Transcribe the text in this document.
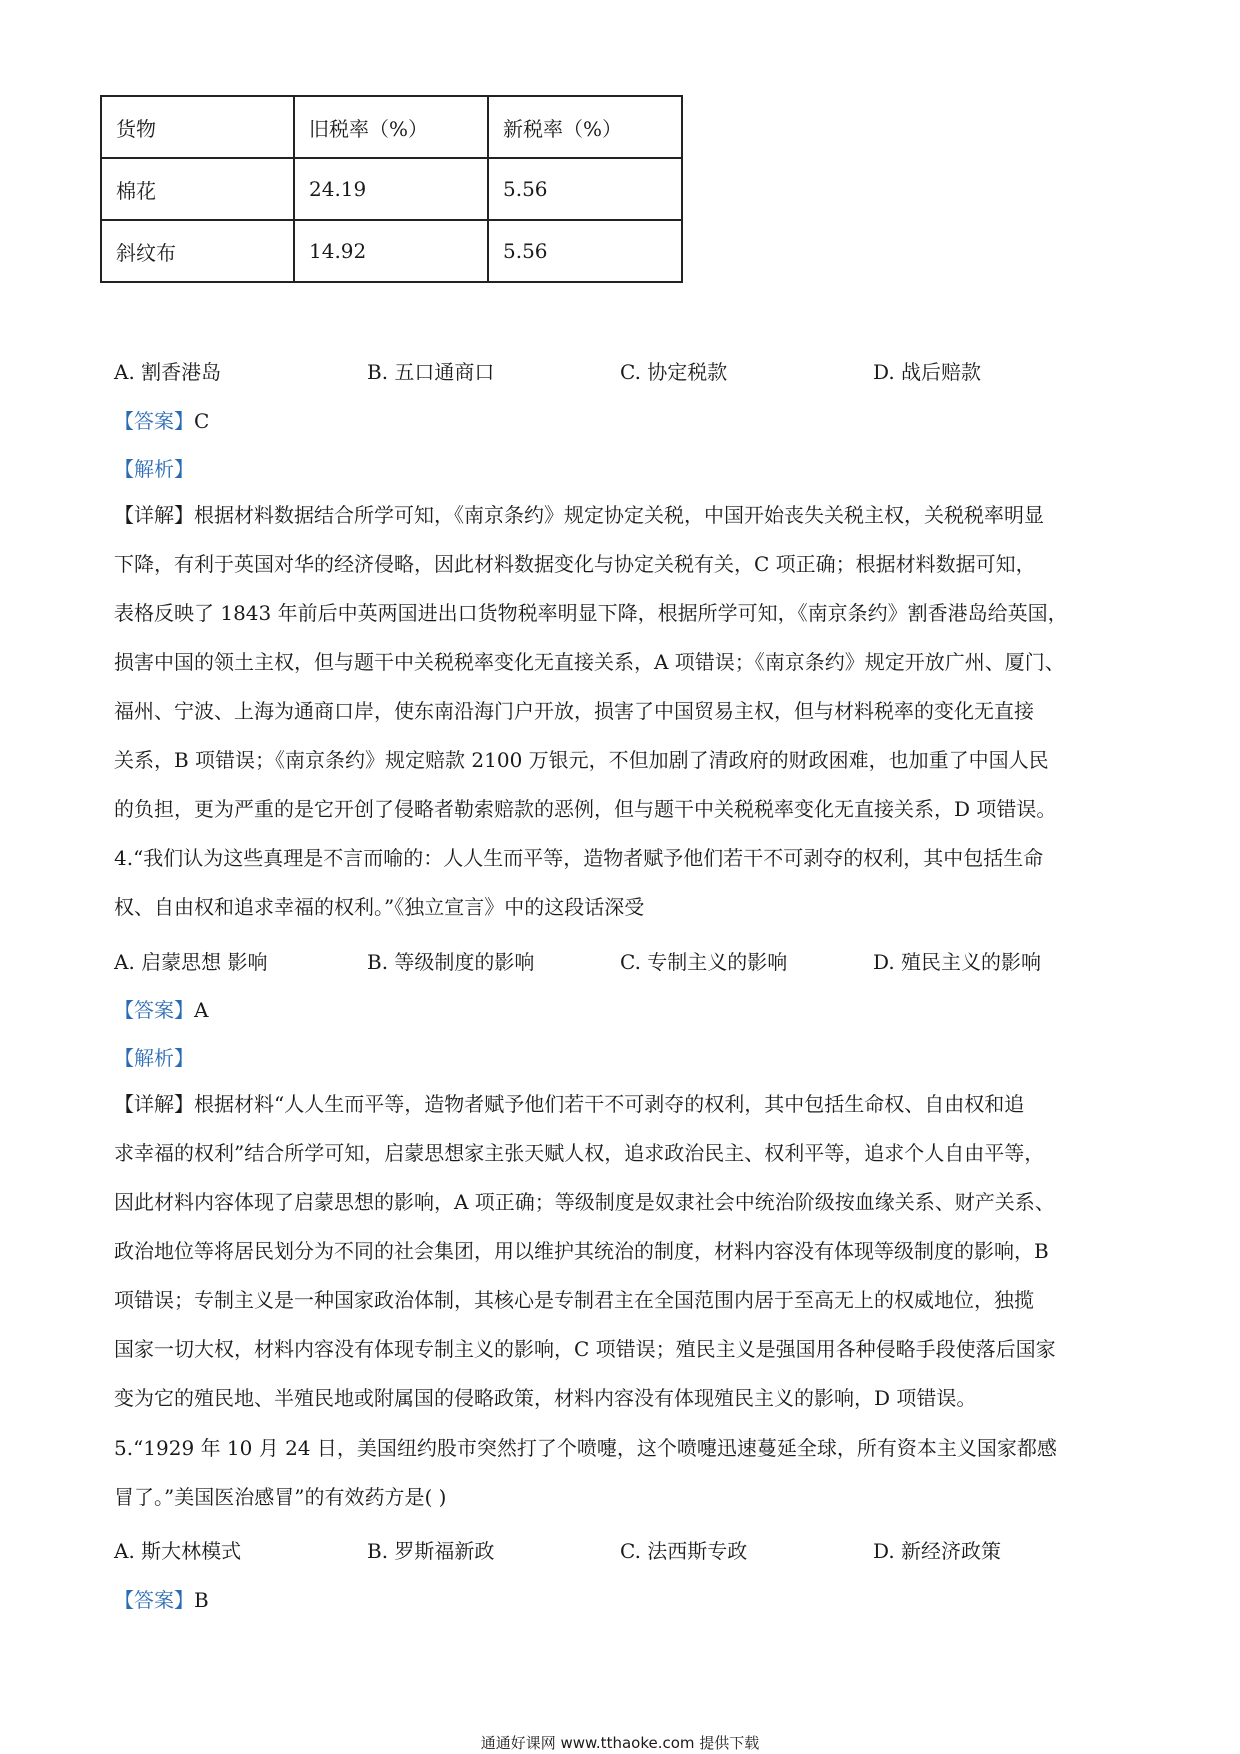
货物	旧税率（%）	新税率（%）
棉花	24.19	5.56
斜纹布	14.92	5.56
A. 割香港岛	B. 五口通商口	C. 协定税款	D. 战后赔款
【答案】C
【解析】
【详解】根据材料数据结合所学可知，《南京条约》规定协定关税，中国开始丧失关税主权，关税税率明显
下降，有利于英国对华的经济侵略，因此材料数据变化与协定关税有关，C 项正确；根据材料数据可知，
表格反映了 1843 年前后中英两国进出口货物税率明显下降，根据所学可知，《南京条约》割香港岛给英国，
损害中国的领土主权，但与题干中关税税率变化无直接关系，A 项错误；《南京条约》规定开放广州、厦门、
福州、宁波、上海为通商口岸，使东南沿海门户开放，损害了中国贸易主权，但与材料税率的变化无直接
关系，B 项错误；《南京条约》规定赔款 2100 万银元，不但加剧了清政府的财政困难，也加重了中国人民
的负担，更为严重的是它开创了侵略者勒索赔款的恶例，但与题干中关税税率变化无直接关系，D 项错误。
4.“我们认为这些真理是不言而喻的：人人生而平等，造物者赋予他们若干不可剥夺的权利，其中包括生命
权、自由权和追求幸福的权利。”《独立宣言》中的这段话深受
A. 启蒙思想 影响	B. 等级制度的影响	C. 专制主义的影响	D. 殖民主义的影响
【答案】A
【解析】
【详解】根据材料“人人生而平等，造物者赋予他们若干不可剥夺的权利，其中包括生命权、自由权和追
求幸福的权利”结合所学可知，启蒙思想家主张天赋人权，追求政治民主、权利平等，追求个人自由平等，
因此材料内容体现了启蒙思想的影响，A 项正确；等级制度是奴隶社会中统治阶级按血缘关系、财产关系、
政治地位等将居民划分为不同的社会集团，用以维护其统治的制度，材料内容没有体现等级制度的影响，B
项错误；专制主义是一种国家政治体制，其核心是专制君主在全国范围内居于至高无上的权威地位，独揽
国家一切大权，材料内容没有体现专制主义的影响，C 项错误；殖民主义是强国用各种侵略手段使落后国家
变为它的殖民地、半殖民地或附属国的侵略政策，材料内容没有体现殖民主义的影响，D 项错误。
5.“1929 年 10 月 24 日，美国纽约股市突然打了个喷嚏，这个喷嚏迅速蔓延全球，所有资本主义国家都感
冒了。”美国医治感冒”的有效药方是( )
A. 斯大林模式	B. 罗斯福新政	C. 法西斯专政	D. 新经济政策
【答案】B
通通好课网 www.tthaoke.com 提供下载
